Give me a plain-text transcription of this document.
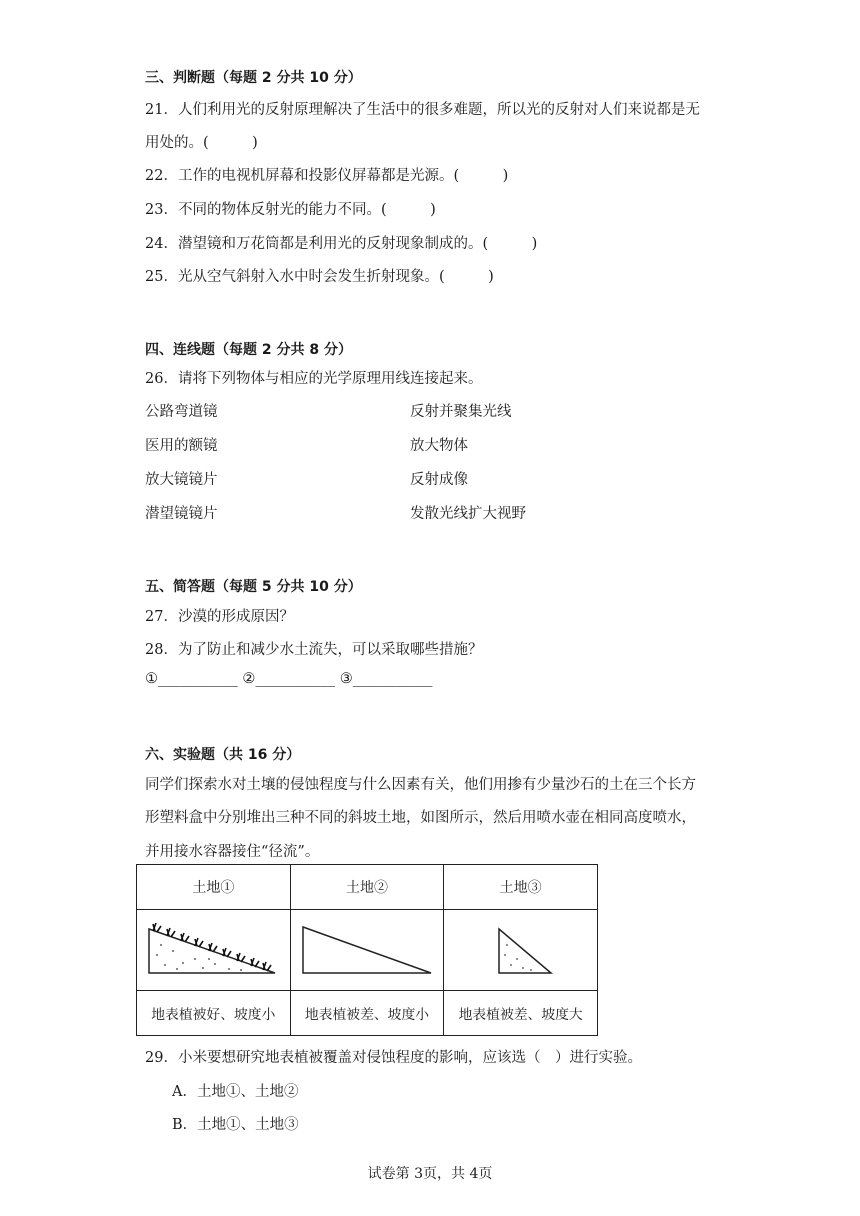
三、判断题（每题 2 分共 10 分）
21．人们利用光的反射原理解决了生活中的很多难题，所以光的反射对人们来说都是无
用处的。(　　　)
22．工作的电视机屏幕和投影仪屏幕都是光源。(　　　)
23．不同的物体反射光的能力不同。(　　　)
24．潜望镜和万花筒都是利用光的反射现象制成的。(　　　)
25．光从空气斜射入水中时会发生折射现象。(　　　)
四、连线题（每题 2 分共 8 分）
26．请将下列物体与相应的光学原理用线连接起来。
公路弯道镜	反射并聚集光线
医用的额镜	放大物体
放大镜镜片	反射成像
潜望镜镜片	发散光线扩大视野
五、简答题（每题 5 分共 10 分）
27．沙漠的形成原因？
28．为了防止和减少水土流失，可以采取哪些措施？
①___________ ②___________ ③___________
六、实验题（共 16 分）
同学们探索水对土壤的侵蚀程度与什么因素有关，他们用掺有少量沙石的土在三个长方
形塑料盒中分别堆出三种不同的斜坡土地，如图所示，然后用喷水壶在相同高度喷水，
并用接水容器接住“径流”。
土地①	土地②	土地③

地表植被好、坡度小	地表植被差、坡度小	地表植被差、坡度大
29．小米要想研究地表植被覆盖对侵蚀程度的影响，应该选（　）进行实验。
A．土地①、土地②
B．土地①、土地③
试卷第 3页，共 4页
